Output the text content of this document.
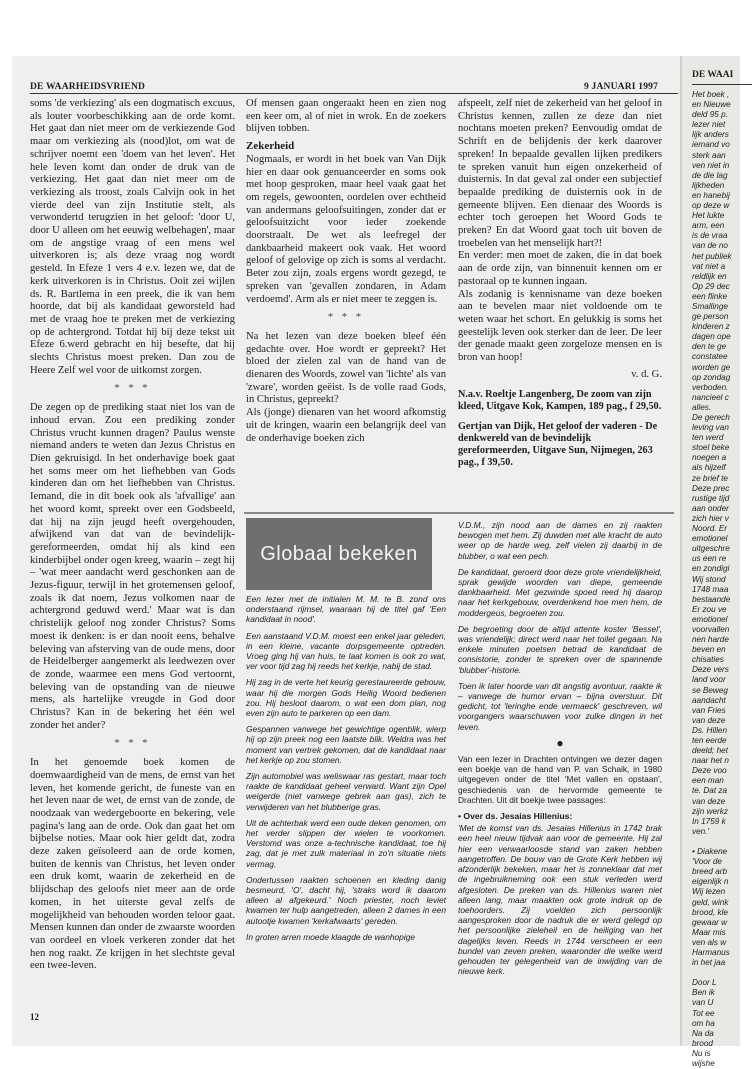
DE WAARHEIDSVRIEND	9 JANUARI 1997

soms 'de verkiezing' als een dogmatisch excuus, als louter voorbeschikking aan de orde komt. Het gaat dan niet meer om de verkiezende God maar om verkiezing als (nood)lot, om wat de schrijver noemt een 'doem van het leven'. Het hele leven komt dan onder de druk van de verkiezing. Het gaat dan niet meer om de verkiezing als troost, zoals Calvijn ook in het vierde deel van zijn Institutie stelt, als verwondertd terugzien in het geloof: 'door U, door U alleen om het eeuwig welbehagen', maar om de angstige vraag of een mens wel uitverkoren is; als deze vraag nog wordt gesteld. In Efeze 1 vers 4 e.v. lezen we, dat de kerk uitverkoren is in Christus. Ooit zei wijlen ds. R. Bartlema in een preek, die ik van hem hoorde, dat bij als kandidaat geworsteld had met de vraag hoe te preken met de verkiezing op de achtergrond. Totdat hij bij deze tekst uit Efeze 6.werd gebracht en hij besefte, dat hij slechts Christus moest preken. Dan zou de Heere Zelf wel voor de uitkomst zorgen.

* * *

De zegen op de prediking staat niet los van de inhoud ervan. Zou een prediking zonder Christus vrucht kunnen dragen? Paulus wenste niemand anders te weten dan Jezus Christus en Dien gekruisigd. In het onderhavige boek gaat het soms meer om het liefhebben van Gods kinderen dan om het liefhebben van Christus. Iemand, die in dit boek ook als 'afvallige' aan het woord komt, spreekt over een Godsbeeld, dat hij na zijn jeugd heeft overgehouden, afwijkend van dat van de bevindelijk-gereformeerden, omdat hij als kind een kinderbijbel onder ogen kreeg, waarin – zegt hij – 'wat meer aandacht werd geschonken aan de Jezus-figuur, terwijl in het grotemensen geloof, zoals ik dat noem, Jezus volkomen naar de achtergrond geduwd werd.' Maar wat is dan christelijk geloof nog zonder Christus? Soms moest ik denken: is er dan nooit eens, behalve beleving van afsterving van de oude mens, door de Heidelberger aangemerkt als leedwezen over de zonde, waarmee een mens God vertoornt, beleving van de opstanding van de nieuwe mens, als hartelijke vreugde in God door Christus? Kan in de bekering het één wel zonder het ander?

* * *

In het genoemde boek komen de doemwaardigheid van de mens, de ernst van het leven, het komende gericht, de funeste van en het leven naar de wet, de ernst van de zonde, de noodzaak van wedergeboorte en bekering, vele pagina's lang aan de orde. Ook dan gaat het om bijbelse noties. Maar ook hier geldt dat, zodra deze zaken geïsoleerd aan de orde komen, buiten de kennis van Christus, het leven onder een druk komt, waarin de zekerheid en de blijdschap des geloofs niet meer aan de orde komen, in het uiterste geval zelfs de mogelijkheid van behouden worden teloor gaat. Mensen kunnen dan onder de zwaarste woorden van oordeel en vloek verkeren zonder dat het hen nog raakt. Ze krijgen in het slechtste geval een twee-leven.

Of mensen gaan ongeraakt heen en zien nog een keer om, al of niet in wrok. En de zoekers blijven tobben.

Zekerheid

Nogmaals, er wordt in het boek van Van Dijk hier en daar ook genuanceerder en soms ook met hoop gesproken, maar heel vaak gaat het om regels, gewoonten, oordelen over echtheid van andermans geloofsuitingen, zonder dat er geloofsuitzicht voor ieder zoekende doorstraalt. De wet als leefregel der dankbaarheid makeert ook vaak. Het woord geloof of gelovige op zich is soms al verdacht. Beter zou zijn, zoals ergens wordt gezegd, te spreken van 'gevallen zondaren, in Adam verdoemd'. Arm als er niet meer te zeggen is.

* * *

Na het lezen van deze boeken bleef één gedachte over. Hoe wordt er gepreekt? Het bloed der zielen zal van de hand van de dienaren des Woords, zowel van 'lichte' als van 'zware', worden geëist. Is de volle raad Gods, in Christus, gepreekt?

Als (jonge) dienaren van het woord afkomstig uit de kringen, waarin een belangrijk deel van de onderhavige boeken zich

afspeelt, zelf niet de zekerheid van het geloof in Christus kennen, zullen ze deze dan niet nochtans moeten preken? Eenvoudig omdat de Schrift en de belijdenis der kerk daarover spreken! In bepaalde gevallen lijken predikers te spreken vanuit hun eigen onzekerheid of duisternis. In dat geval zal onder een subjectief bepaalde prediking de duisternis ook in de gemeente blijven. Een dienaar des Woords is echter toch geroepen het Woord Gods te preken? En dat Woord gaat toch uit boven de troebelen van het menselijk hart?!

En verder: men moet de zaken, die in dat boek aan de orde zijn, van binnenuit kennen om er pastoraal op te kunnen ingaan.

Als zodanig is kennisname van deze boeken aan te bevelen maar niet voldoende om te weten waar het schort. En gelukkig is soms het geestelijk leven ook sterker dan de leer. De leer der genade maakt geen zorgeloze mensen en is bron van hoop!

v. d. G.
N.a.v. Roeltje Langenberg, De zoom van zijn kleed, Uitgave Kok, Kampen, 189 pag., f 29,50.
Gertjan van Dijk, Het geloof der vaderen - De denkwereld van de bevindelijk gereformeerden, Uitgave Sun, Nijmegen, 263 pag., f 39,50.
Globaal bekeken

Een lezer met de initialen M. M. te B. zond ons onderstaand rijmsel, waaraan hij de titel gaf 'Een kandidaat in nood'.

Een aanstaand V.D.M. moest een enkel jaar geleden, in een kleine, vacante dorpsgemeente optreden. Vroeg ging hij van huis, te laat komen is ook zo wat, ver voor tijd zag hij reeds het kerkje, nabij de stad.

Hij zag in de verte het keurig gerestaureerde gebouw, waar hij die morgen Gods Heilig Woord bedienen zou. Hij besloot daarom, o wat een dom plan, nog even zijn auto te parkeren op een dam.

Gespannen vanwege het gewichtige ogenblik, wierp hij op zijn preek nog een laatste blik. Weldra was het moment van vertrek gekomen, dat de kandidaat naar het kerkje op zou stomen.

Zijn automobiel was weliswaar ras gestart, maar toch raakte de kandidaat geheel verward. Want zijn Opel weigerde (niet vanwege gebrek aan gas), zich te verwijderen van het blubberige gras.

Uit de achterbak werd een oude deken genomen, om het verder slippen der wielen te voorkomen. Verstomd was onze a-technische kandidaat, toe hij zag, dat je met zulk materiaal in zo'n situatie niets vermag.

Ondertussen raakten schoenen en kleding danig besmeurd, 'O', dacht hij, 'straks word ik daarom alleen al afgekeurd.' Noch priester, noch leviet kwamen ter hulp aangetreden, alleen 2 dames in een autootje kwamen 'kerkafwaarts' gereden.

In groten arren moede klaagde de wanhopige

V.D.M., zijn nood aan de dames en zij raakten bewogen met hem. Zij duwden met alle kracht de auto weer op de harde weg, zelf vielen zij daarbij in de blubber, o wat een pech.

De kandidaat, geroerd door deze grote vriendelijkheid, sprak gewijde woorden van diepe, gemeende dankbaarheid. Met gezwinde spoed reed hij daarop naar het kerkgebouw, overdenkend hoe men hem, de moddergeus, begroeten zou.

De begroeting door de altijd attente koster 'Bessel', was vriendelijk; direct werd naar het toilet gegaan. Na enkele minuten poetsen betrad de kandidaat de consistorie, zonder te spreken over de spannende 'blubber'-historie.

Toen ik later hoorde van dit angstig avontuur, raakte ik – vanwege de humor ervan – bijna overstuur. Dit gedicht, tot 'leringhe ende vermaeck' geschreven, wil voorgangers waarschuwen voor zulke dingen in het leven.

●

Van een lezer in Drachten ontvingen we dezer dagen een boekje van de hand van P. van Schaik, in 1980 uitgegeven onder de titel 'Met vallen en opstaan', geschiedenis van de hervormde gemeente te Drachten. Uit dit boekje twee passages:

• Over ds. Jesaias Hillenius:

'Met de komst van ds. Jesaias Hillenius in 1742 brak een heel nieuw tijdvak aan voor de gemeente. Hij zal hier een verwaarloosde stand van zaken hebben aangetroffen. De bouw van de Grote Kerk hebben wij afzonderlijk bekeken, maar het is zonneklaar dat met de ingebruikneming ook een stuk verleden werd afgesloten. De preken van ds. Hillenius waren niet alleen lang, maar maakten ook grote indruk op de toehoorders. Zij voelden zich persoonlijk aangesproken door de nadruk die er werd gelegd op het persoonlijke zieleheil en de heiliging van het dagelijks leven. Reeds in 1744 verscheen er een bundel van zeven preken, waaronder die welke werd gehouden ter gelegenheid van de inwijding van de nieuwe kerk.

12
DE WAAI
Het boek ,
en Nieuwe
deld 95 p.
lezer niet
lijk anders
iemand vo
sterk aan
ven niet in
de die lag
lijkheden
en hanebij
op deze w
Het lukte
arm, een
is de vraa
van de no
het publiek
vat niet a
reldlijk en
Op 29 dec
een flinke
Smallinge
ge person
kinderen z
dagen ope
den te ge
constatee
worden ge
op zondag
verboden.
nancieel c
alles.
De gerech
leving van
ten werd
stoel beke
noegen a
als hijzelf
ze brief te
Deze prec
rustige tijd
aan onder
zich hier v
Noord. Er
emotionel
uitgeschre
us een re
en zondigi
Wij stond
1748 maa
bestaande
Er zou ve
emotionel
voorvallen
nen harde
beven en
chisaties
Deze vers
land voor
se Beweg
aandacht
van Fries
van deze
Ds. Hillen
ten eerde
deeld; het
naar het n
Deze voo
een man
te. Dat za
van deze
zijn werkz
In 1759 k
ven.'
• Diakene
'Voor de
breed arb
eigenlijk n
Wij lezen
geld, wink
brood, kle
gewaar w
Maar mis
ven als w
Harmanus
in het jaa
Door L
Ben ik
van U
Tot ee
om ha
Na da
brood
Nu is
wijshe
